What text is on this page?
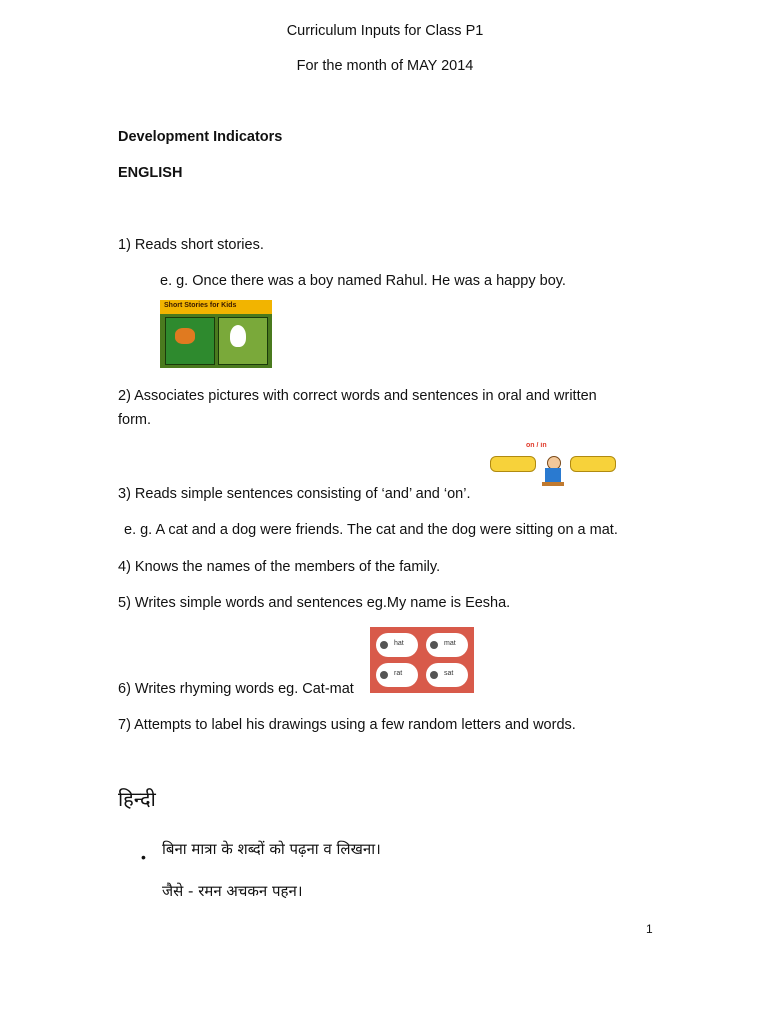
Curriculum Inputs for Class P1
For the month of MAY 2014
Development Indicators
ENGLISH
1) Reads short stories.
e. g. Once there was a boy named Rahul. He was a happy boy.
Short Stories for Kids
2) Associates pictures with correct words and sentences in oral and written
form.
on / in
3) Reads simple sentences consisting of ‘and’ and ‘on’.
e. g. A cat and a dog were friends. The cat and the dog were sitting on a mat.
4) Knows the names of the members of the family.
5) Writes simple words and sentences eg.My name is Eesha.
hat	mat
rat	sat
6) Writes rhyming words eg. Cat-mat
7) Attempts to label his drawings using a few random letters and words.
हिन्दी
• बिना मात्रा के शब्दों को पढ़ना व लिखना।
जैसे - रमन अचकन पहन।
1
